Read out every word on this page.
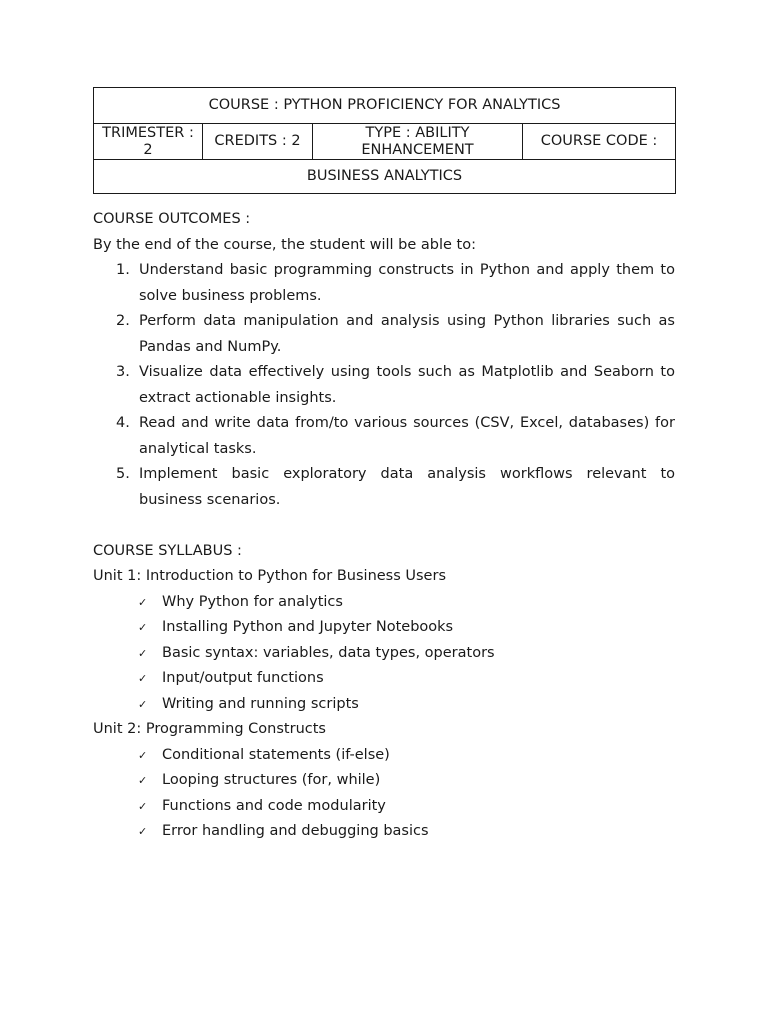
COURSE : PYTHON PROFICIENCY FOR ANALYTICS
TRIMESTER : 2	CREDITS : 2	TYPE : ABILITY ENHANCEMENT	COURSE CODE :
BUSINESS ANALYTICS

COURSE OUTCOMES :

By the end of the course, the student will be able to:

1. Understand basic programming constructs in Python and apply them to solve business problems.
2. Perform data manipulation and analysis using Python libraries such as Pandas and NumPy.
3. Visualize data effectively using tools such as Matplotlib and Seaborn to extract actionable insights.
4. Read and write data from/to various sources (CSV, Excel, databases) for analytical tasks.
5. Implement basic exploratory data analysis workflows relevant to business scenarios.

COURSE SYLLABUS :

Unit 1: Introduction to Python for Business Users

✓ Why Python for analytics
✓ Installing Python and Jupyter Notebooks
✓ Basic syntax: variables, data types, operators
✓ Input/output functions
✓ Writing and running scripts

Unit 2: Programming Constructs

✓ Conditional statements (if-else)
✓ Looping structures (for, while)
✓ Functions and code modularity
✓ Error handling and debugging basics
